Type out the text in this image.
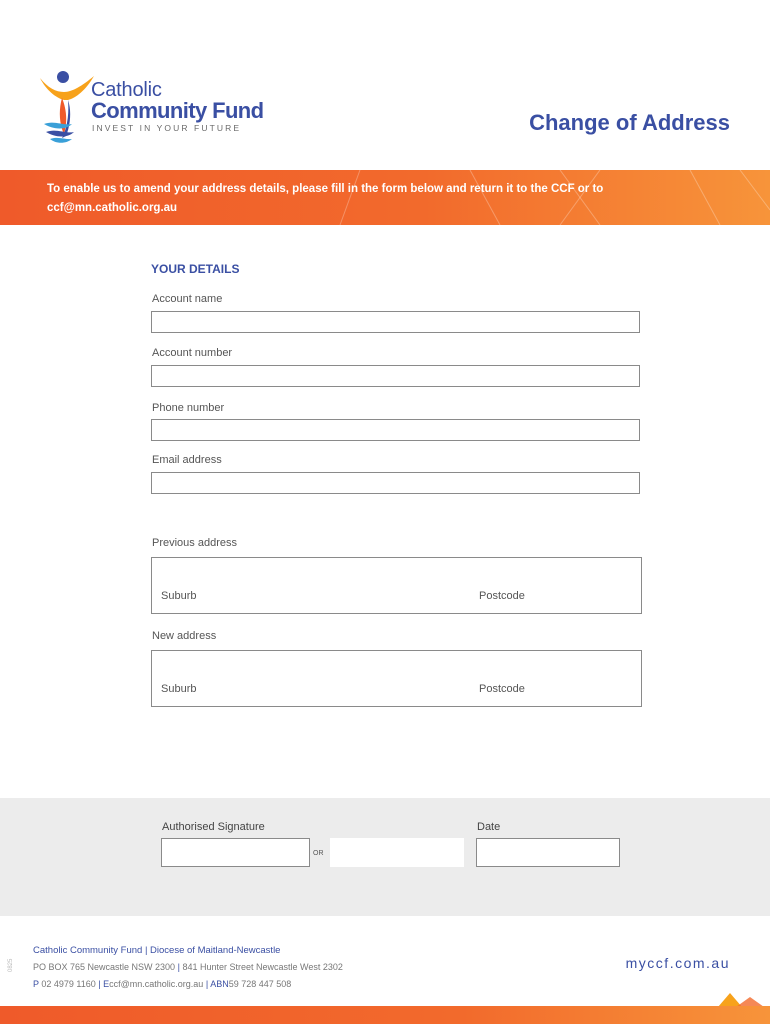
Catholic
Community Fund
INVEST IN YOUR FUTURE	Change of Address
To enable us to amend your address details, please fill in the form below and return it to the CCF or to ccf@mn.catholic.org.au
YOUR DETAILS
Account name
Account number
Phone number
Email address
Previous address
Suburb	Postcode
New address
Suburb	Postcode
Authorised Signature
OR
Date
0825
Catholic Community Fund | Diocese of Maitland-Newcastle
PO BOX 765 Newcastle NSW 2300 | 841 Hunter Street Newcastle West 2302
P 02 4979 1160 | Eccf@mn.catholic.org.au | ABN59 728 447 508
myccf.com.au
